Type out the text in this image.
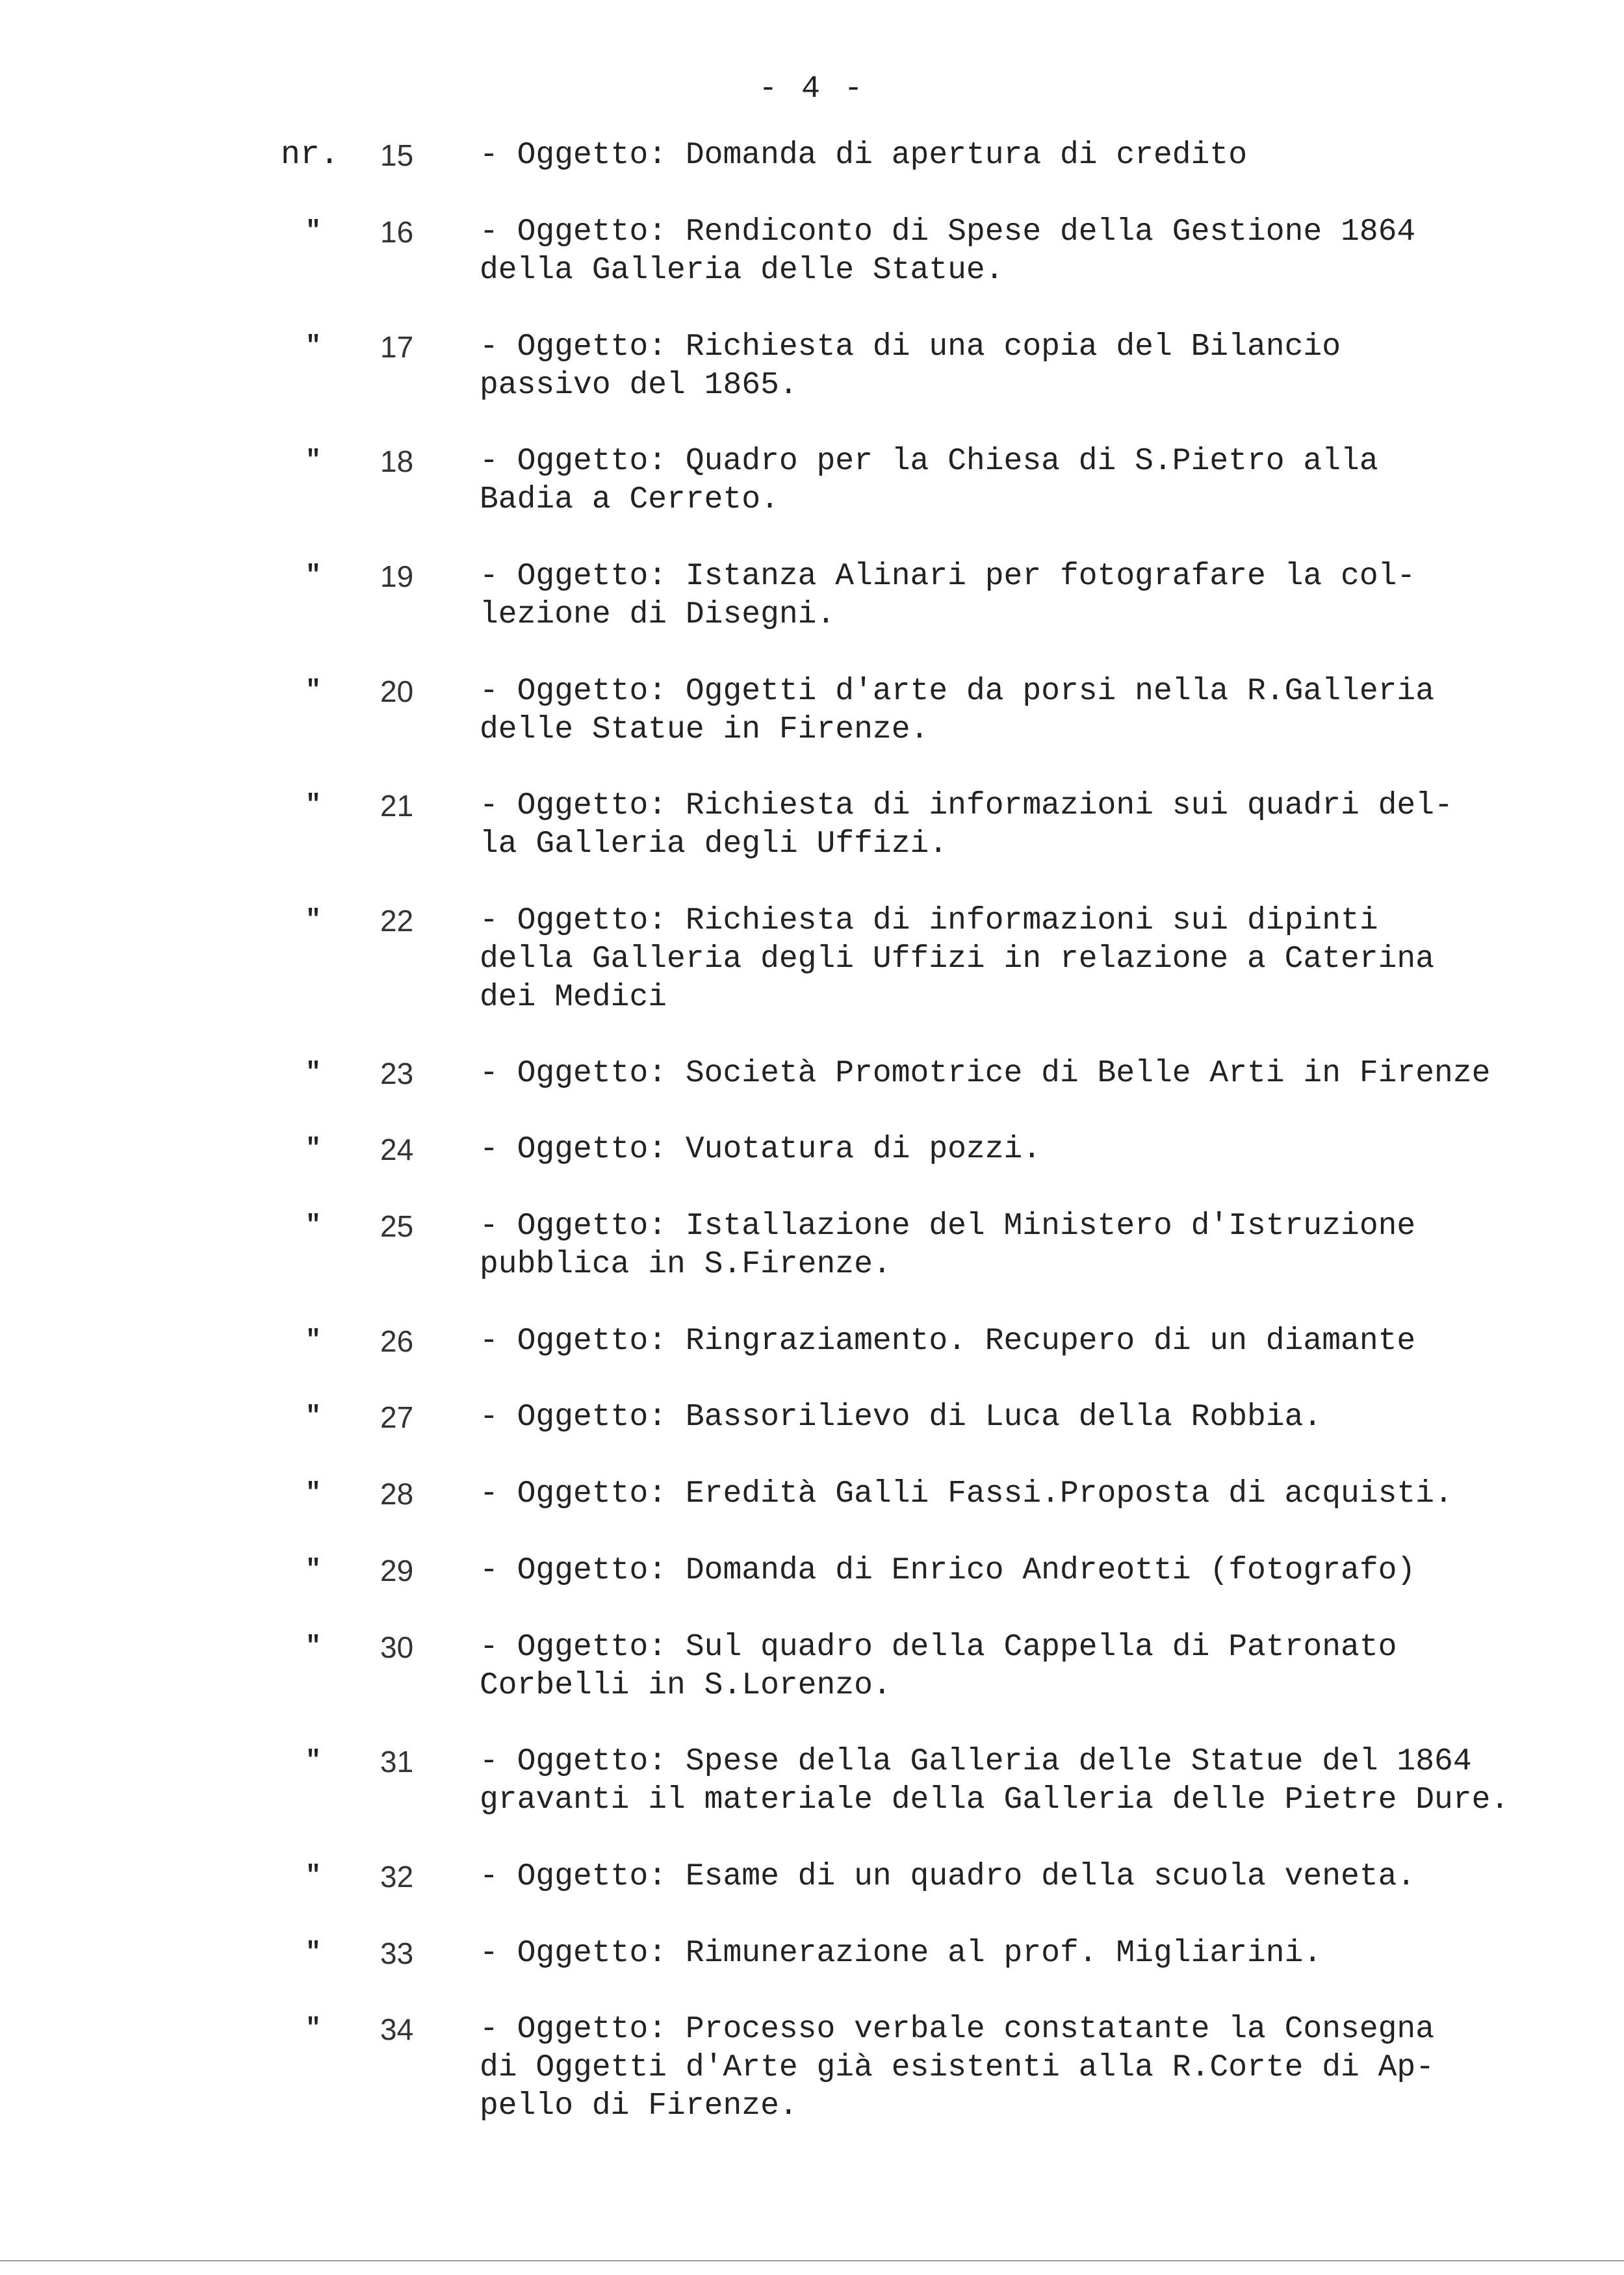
- 4 -
nr. 15 - Oggetto: Domanda di apertura di credito
" 16 - Oggetto: Rendiconto di Spese della Gestione 1864
della Galleria delle Statue.
" 17 - Oggetto: Richiesta di una copia del Bilancio
passivo del 1865.
" 18 - Oggetto: Quadro per la Chiesa di S.Pietro alla
Badia a Cerreto.
" 19 - Oggetto: Istanza Alinari per fotografare la col-
lezione di Disegni.
" 20 - Oggetto: Oggetti d'arte da porsi nella R.Galleria
delle Statue in Firenze.
" 21 - Oggetto: Richiesta di informazioni sui quadri del-
la Galleria degli Uffizi.
" 22 - Oggetto: Richiesta di informazioni sui dipinti
della Galleria degli Uffizi in relazione a Caterina
dei Medici
" 23 - Oggetto: Società Promotrice di Belle Arti in Firenze
" 24 - Oggetto: Vuotatura di pozzi.
" 25 - Oggetto: Istallazione del Ministero d'Istruzione
pubblica in S.Firenze.
" 26 - Oggetto: Ringraziamento. Recupero di un diamante
" 27 - Oggetto: Bassorilievo di Luca della Robbia.
" 28 - Oggetto: Eredità Galli Fassi.Proposta di acquisti.
" 29 - Oggetto: Domanda di Enrico Andreotti (fotografo)
" 30 - Oggetto: Sul quadro della Cappella di Patronato
Corbelli in S.Lorenzo.
" 31 - Oggetto: Spese della Galleria delle Statue del 1864
gravanti il materiale della Galleria delle Pietre Dure.
" 32 - Oggetto: Esame di un quadro della scuola veneta.
" 33 - Oggetto: Rimunerazione al prof. Migliarini.
" 34 - Oggetto: Processo verbale constatante la Consegna
di Oggetti d'Arte già esistenti alla R.Corte di Ap-
pello di Firenze.
